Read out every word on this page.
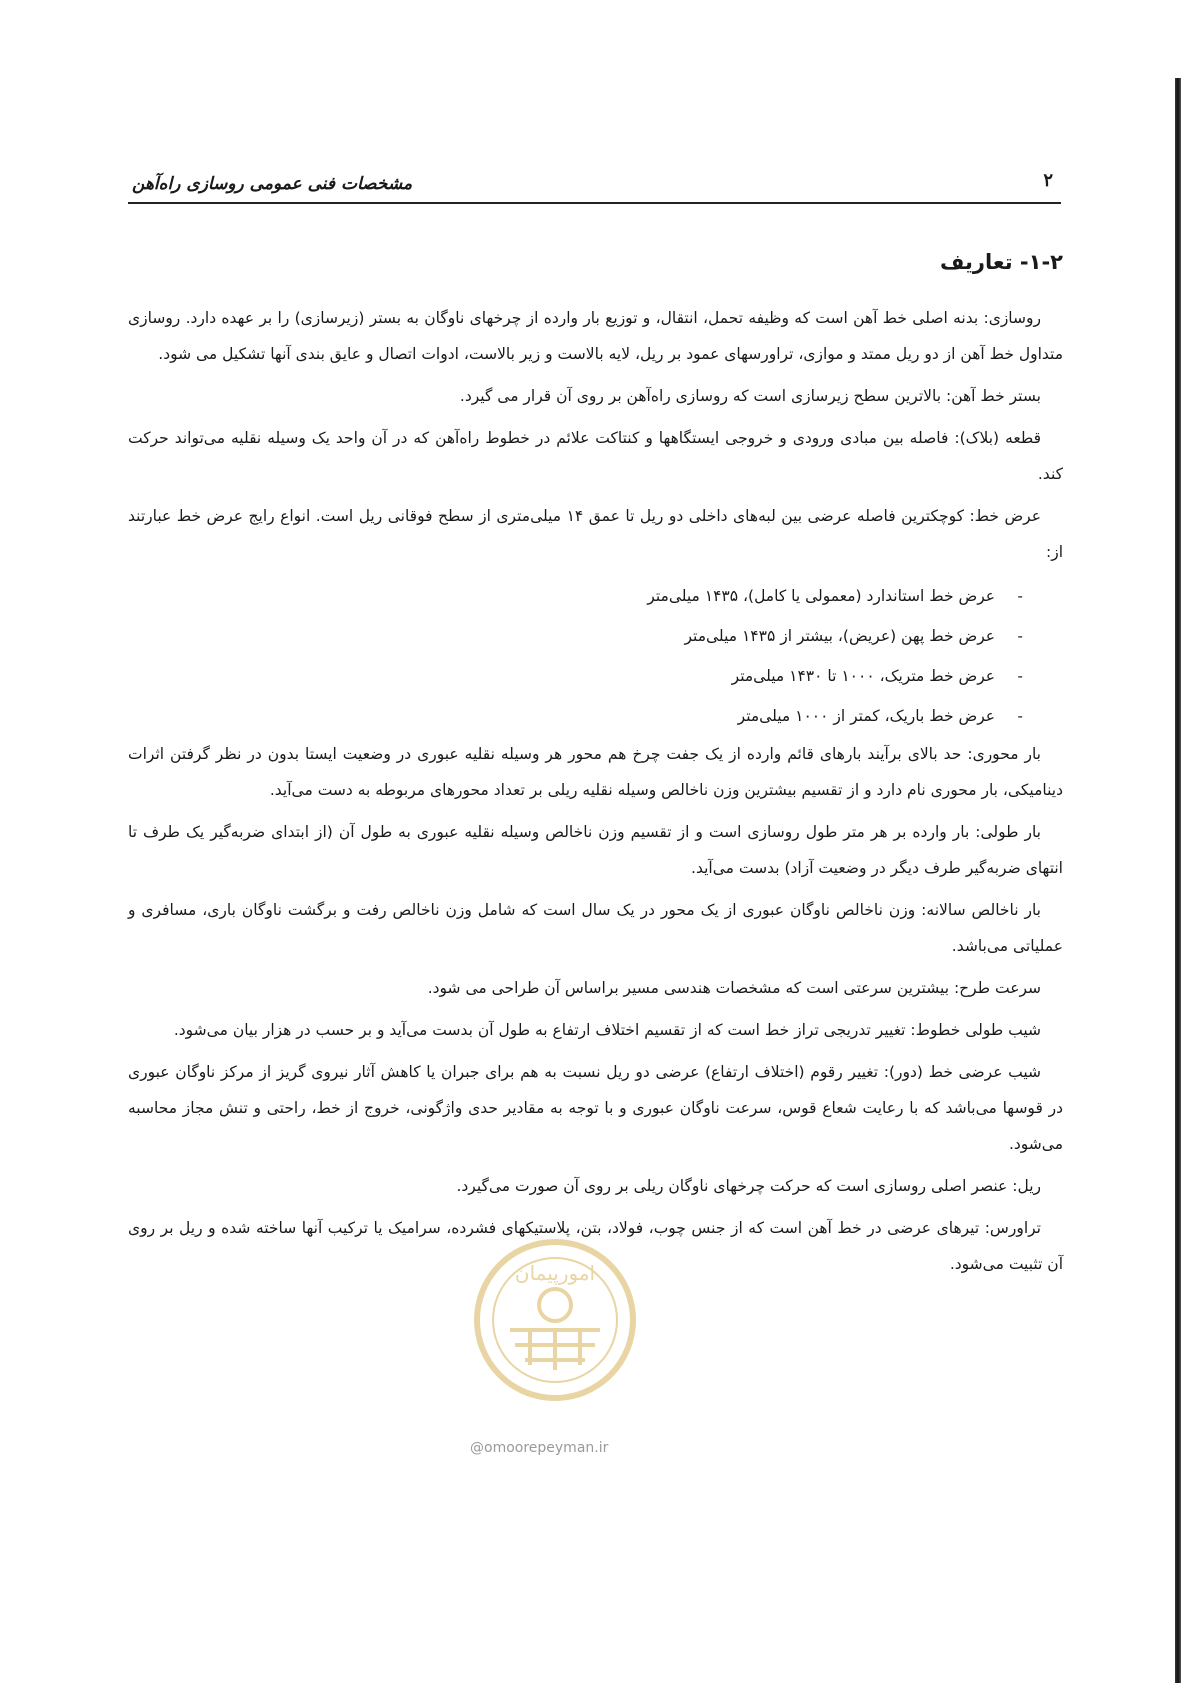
مشخصات فنی عمومی روسازی راه‌آهن	۲
۱-۲- تعاریف

روسازی: بدنه اصلی خط آهن است که وظیفه تحمل، انتقال، و توزیع بار وارده از چرخهای ناوگان به بستر (زیرسازی) را بر عهده دارد. روسازی متداول خط آهن از دو ریل ممتد و موازی، تراورسهای عمود بر ریل، لایه بالاست و زیر بالاست، ادوات اتصال و عایق بندی آنها تشکیل می شود.

بستر خط آهن: بالاترین سطح زیرسازی است که روسازی راه‌آهن بر روی آن قرار می گیرد.

قطعه (بلاک): فاصله بین مبادی ورودی و خروجی ایستگاهها و کنتاکت علائم در خطوط راه‌آهن که در آن واحد یک وسیله نقلیه می‌تواند حرکت کند.

عرض خط: کوچکترین فاصله عرضی بین لبه‌های داخلی دو ریل تا عمق ۱۴ میلی‌متری از سطح فوقانی ریل است. انواع رایج عرض خط عبارتند از:

-عرض خط استاندارد (معمولی یا کامل)، ۱۴۳۵ میلی‌متر
-عرض خط پهن (عریض)، بیشتر از ۱۴۳۵ میلی‌متر
-عرض خط متریک، ۱۰۰۰ تا ۱۴۳۰ میلی‌متر
-عرض خط باریک، کمتر از ۱۰۰۰ میلی‌متر

بار محوری: حد بالای برآیند بارهای قائم وارده از یک جفت چرخ هم محور هر وسیله نقلیه عبوری در وضعیت ایستا بدون در نظر گرفتن اثرات دینامیکی، بار محوری نام دارد و از تقسیم بیشترین وزن ناخالص وسیله نقلیه ریلی بر تعداد محورهای مربوطه به دست می‌آید.

بار طولی: بار وارده بر هر متر طول روسازی است و از تقسیم وزن ناخالص وسیله نقلیه عبوری به طول آن (از ابتدای ضربه‌گیر یک طرف تا انتهای ضربه‌گیر طرف دیگر در وضعیت آزاد) بدست می‌آید.

بار ناخالص سالانه: وزن ناخالص ناوگان عبوری از یک محور در یک سال است که شامل وزن ناخالص رفت و برگشت ناوگان باری، مسافری و عملیاتی می‌باشد.

سرعت طرح: بیشترین سرعتی است که مشخصات هندسی مسیر براساس آن طراحی می شود.

شیب طولی خطوط: تغییر تدریجی تراز خط است که از تقسیم اختلاف ارتفاع به طول آن بدست می‌آید و بر حسب در هزار بیان می‌شود.

شیب عرضی خط (دور): تغییر رقوم (اختلاف ارتفاع) عرضی دو ریل نسبت به هم برای جبران یا کاهش آثار نیروی گریز از مرکز ناوگان عبوری در قوسها می‌باشد که با رعایت شعاع قوس، سرعت ناوگان عبوری و با توجه به مقادیر حدی واژگونی، خروج از خط، راحتی و تنش مجاز محاسبه می‌شود.

ریل: عنصر اصلی روسازی است که حرکت چرخهای ناوگان ریلی بر روی آن صورت می‌گیرد.

تراورس: تیرهای عرضی در خط آهن است که از جنس چوب، فولاد، بتن، پلاستیکهای فشرده، سرامیک یا ترکیب آنها ساخته شده و ریل بر روی آن تثبیت می‌شود.

امورپیمان
@omoorepeyman.ir
